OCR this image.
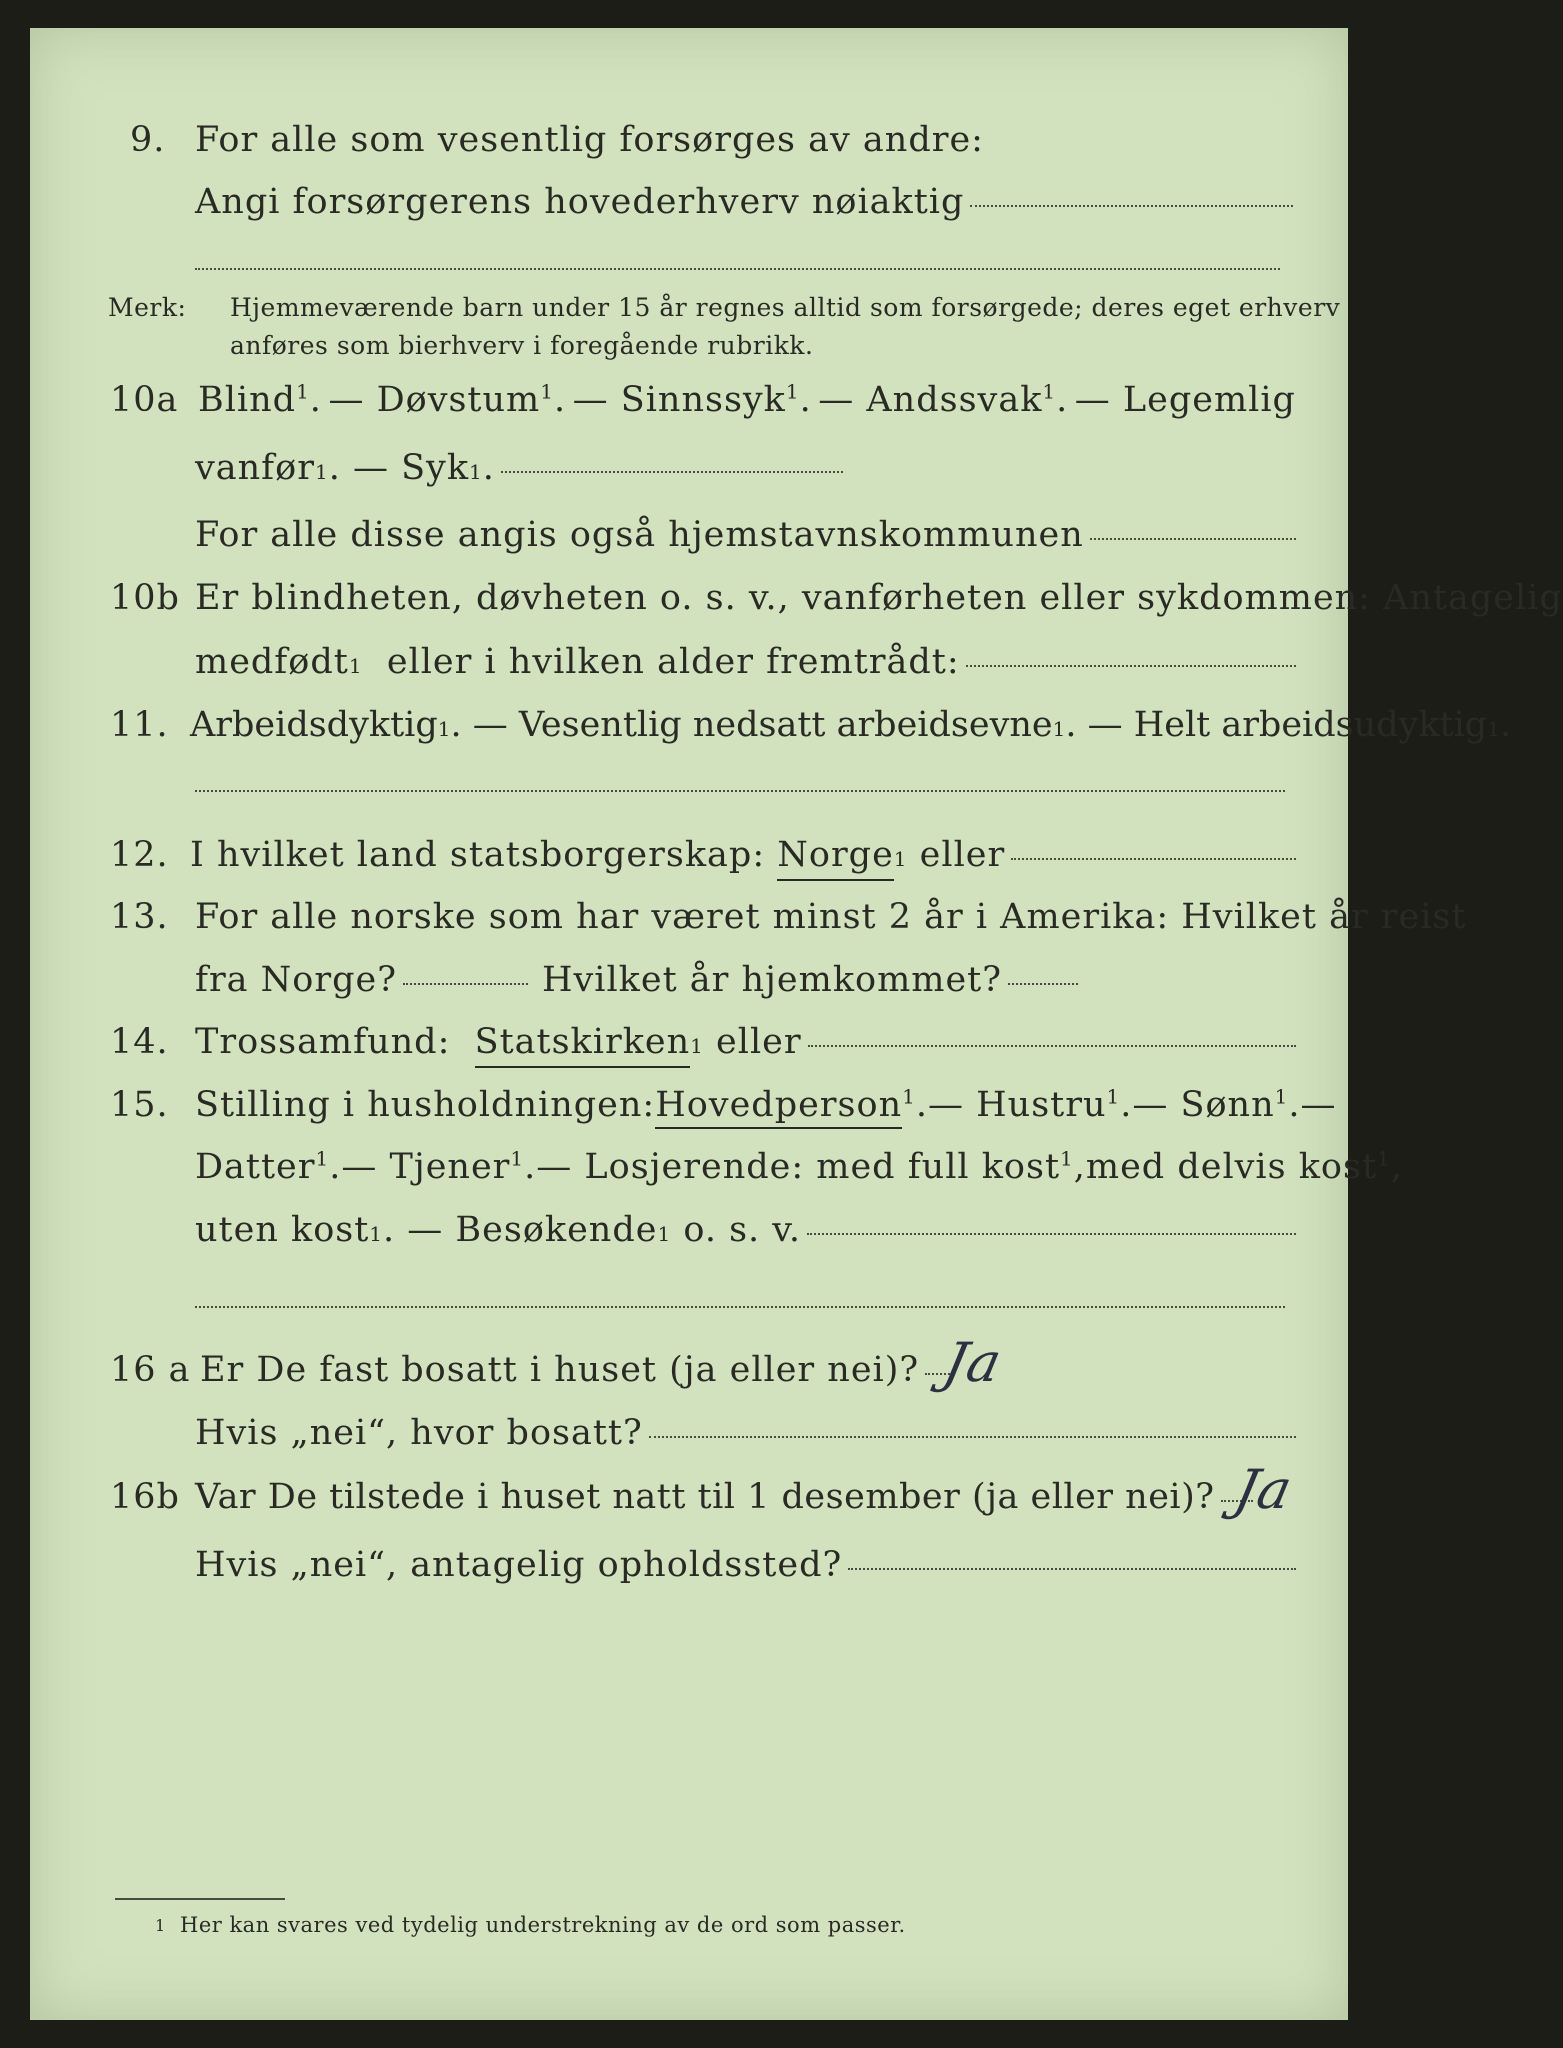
9. For alle som vesentlig forsørges av andre:
Angi forsørgerens hovederhverv nøiaktig
Merk: Hjemmeværende barn under 15 år regnes alltid som forsørgede; deres eget erhverv
anføres som bierhverv i foregående rubrikk.
10a Blind$^1$. — Døvstum$^1$. — Sinnssyk$^1$. — Andssvak$^1$. — Legemlig
vanfør 1 . — Syk 1 .
For alle disse angis også hjemstavnskommunen
10b Er blindheten, døvheten o. s. v., vanførheten eller sykdommen: Antagelig
medfødt 1
eller i hvilken alder fremtrådt:
11. Arbeidsdyktig 1 . — Vesentlig nedsatt arbeidsevne 1 . — Helt arbeidsudyktig 1 .
12. I hvilket land statsborgerskap:
Norge 1
eller
13. For alle norske som har været minst 2 år i Amerika: Hvilket år reist
fra Norge?	Hvilket år hjemkommet?
14. Trossamfund:
Statskirken 1
eller
15. Stilling i husholdningen: Hovedperson$^1$. — Hustru$^1$. — Sønn$^1$. —
Datter$^1$. — Tjener$^1$. — Losjerende: med full kost$^1$, med delvis kost$^1$,
uten kost 1 . — Besøkende 1
o. s. v.
16 a Er De fast bosatt i huset (ja eller nei)? Ja
Hvis „nei“, hvor bosatt?
16b Var De tilstede i huset natt til 1 desember (ja eller nei)? Ja
Hvis „nei“, antagelig opholdssted?
1 Her kan svares ved tydelig understrekning av de ord som passer.
